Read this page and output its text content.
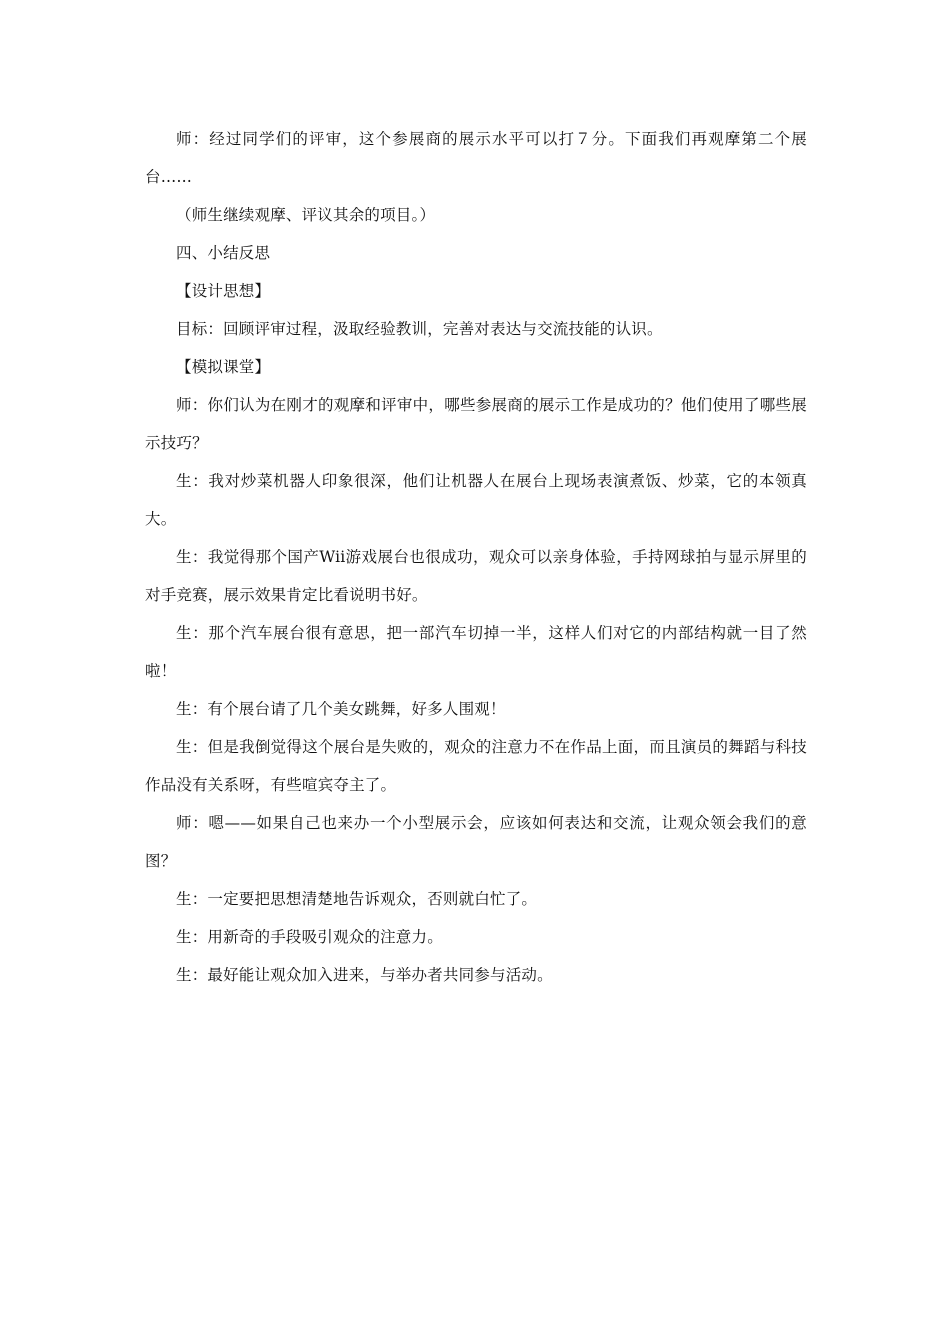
师：经过同学们的评审，这个参展商的展示水平可以打７分。下面我们再观摩第二个展台……

（师生继续观摩、评议其余的项目。）

四、小结反思

【设计思想】

目标：回顾评审过程，汲取经验教训，完善对表达与交流技能的认识。

【模拟课堂】

师：你们认为在刚才的观摩和评审中，哪些参展商的展示工作是成功的？他们使用了哪些展示技巧？

生：我对炒菜机器人印象很深，他们让机器人在展台上现场表演煮饭、炒菜，它的本领真大。

生：我觉得那个国产Wii游戏展台也很成功，观众可以亲身体验，手持网球拍与显示屏里的对手竞赛，展示效果肯定比看说明书好。

生：那个汽车展台很有意思，把一部汽车切掉一半，这样人们对它的内部结构就一目了然啦！

生：有个展台请了几个美女跳舞，好多人围观！

生：但是我倒觉得这个展台是失败的，观众的注意力不在作品上面，而且演员的舞蹈与科技作品没有关系呀，有些喧宾夺主了。

师：嗯——如果自己也来办一个小型展示会，应该如何表达和交流，让观众领会我们的意图？

生：一定要把思想清楚地告诉观众，否则就白忙了。

生：用新奇的手段吸引观众的注意力。

生：最好能让观众加入进来，与举办者共同参与活动。
